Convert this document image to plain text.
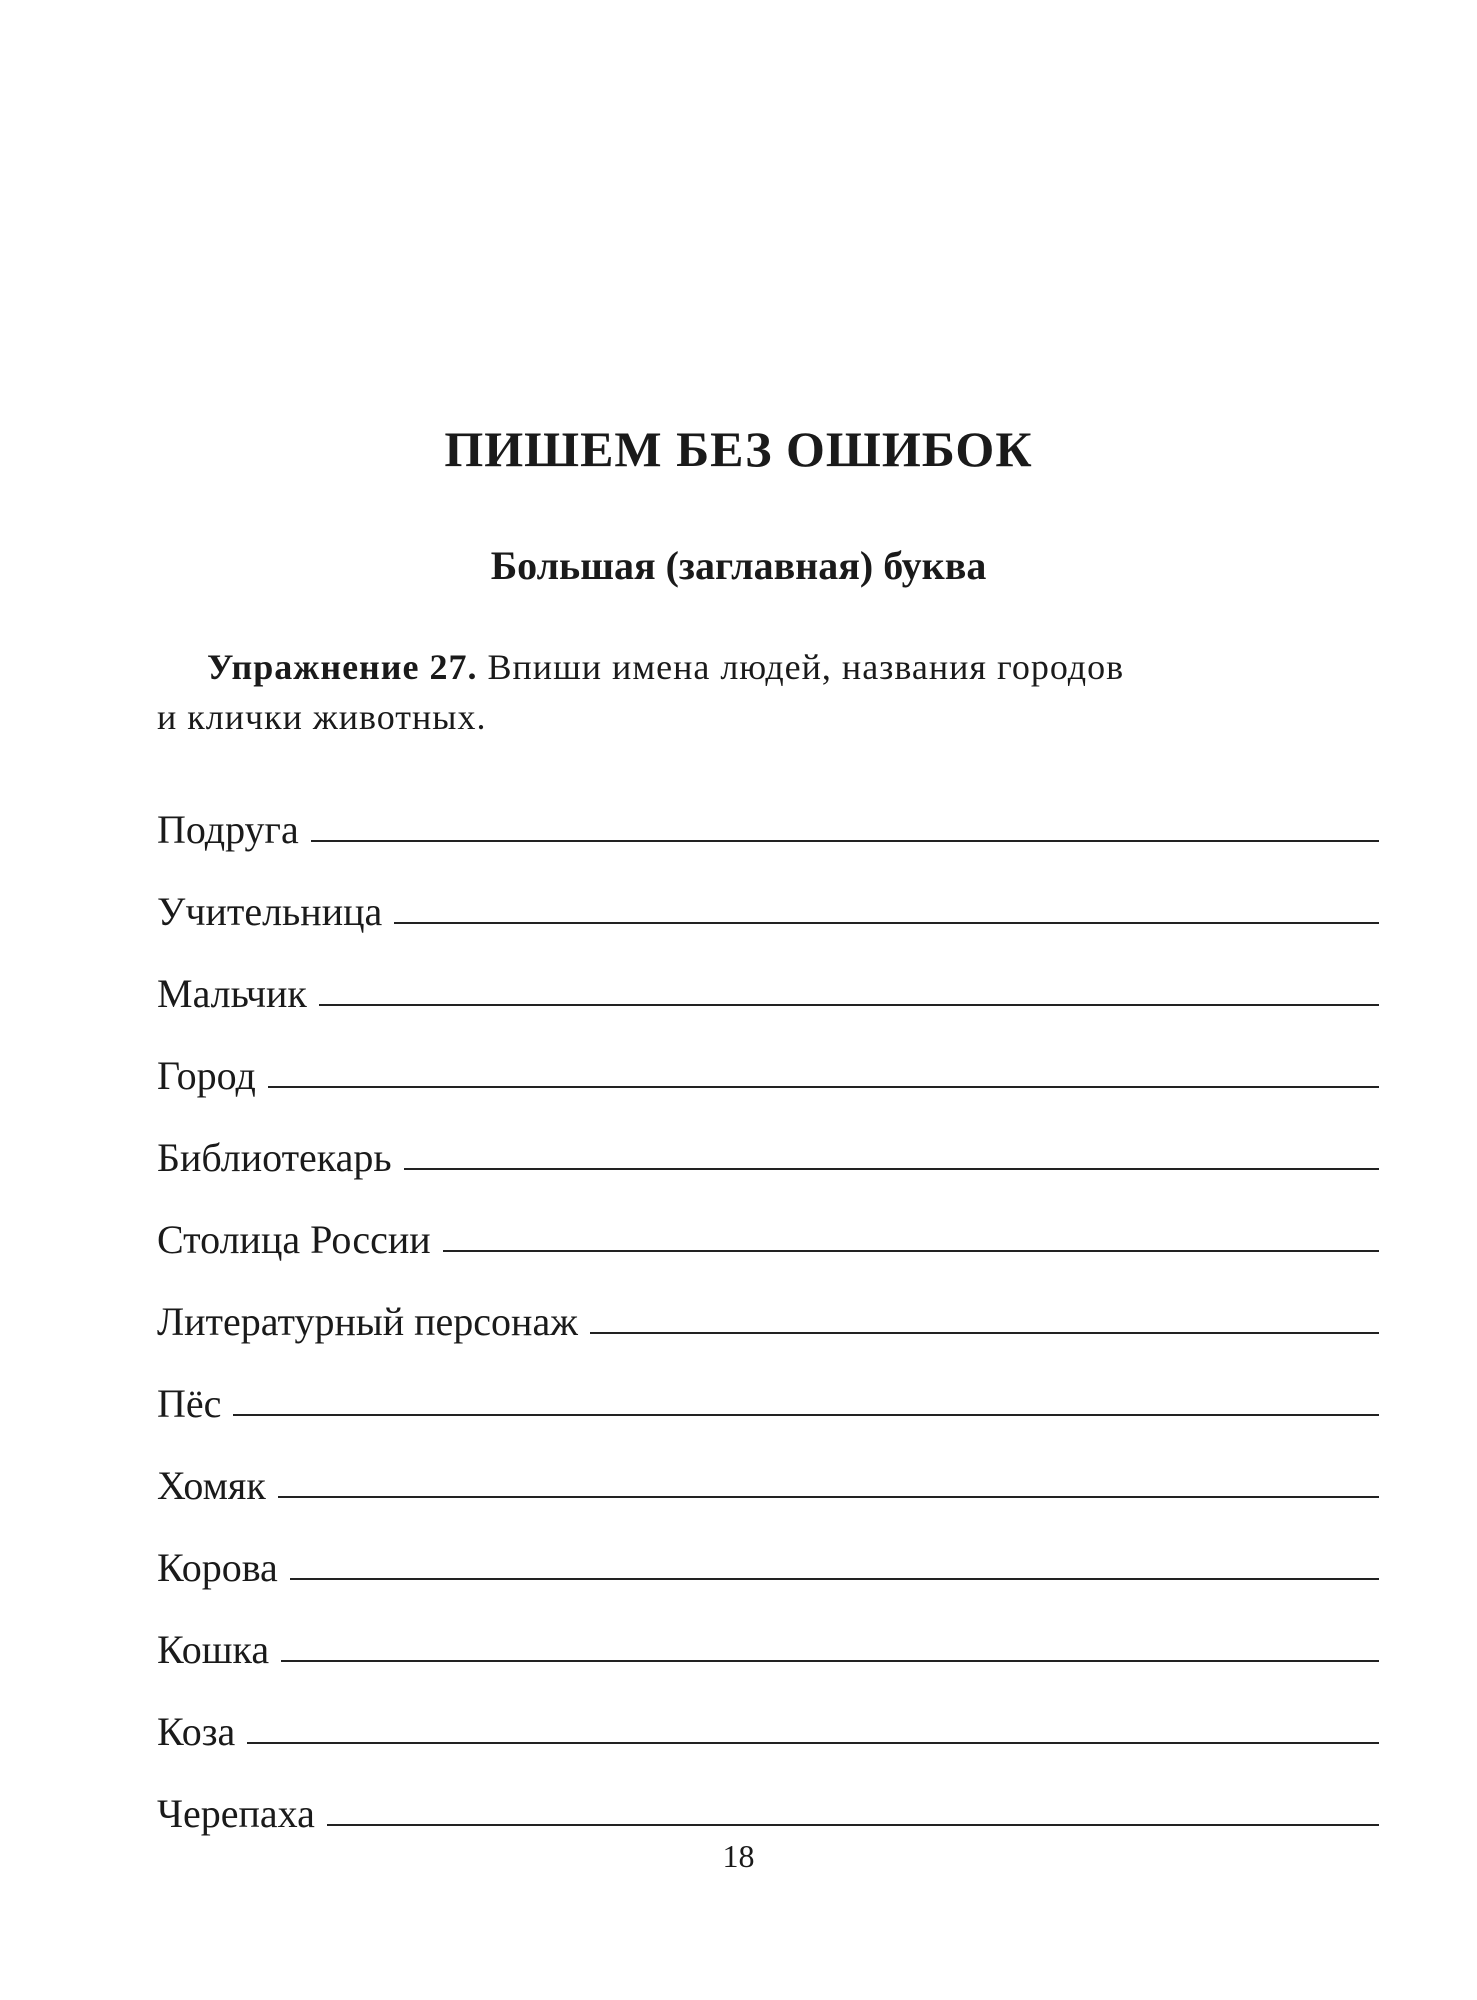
ПИШЕМ БЕЗ ОШИБОК
Большая (заглавная) буква
Упражнение 27. Впиши имена людей, названия городов
и клички животных.
Подруга
Учительница
Мальчик
Город
Библиотекарь
Столица России
Литературный персонаж
Пёс
Хомяк
Корова
Кошка
Коза
Черепаха
18
